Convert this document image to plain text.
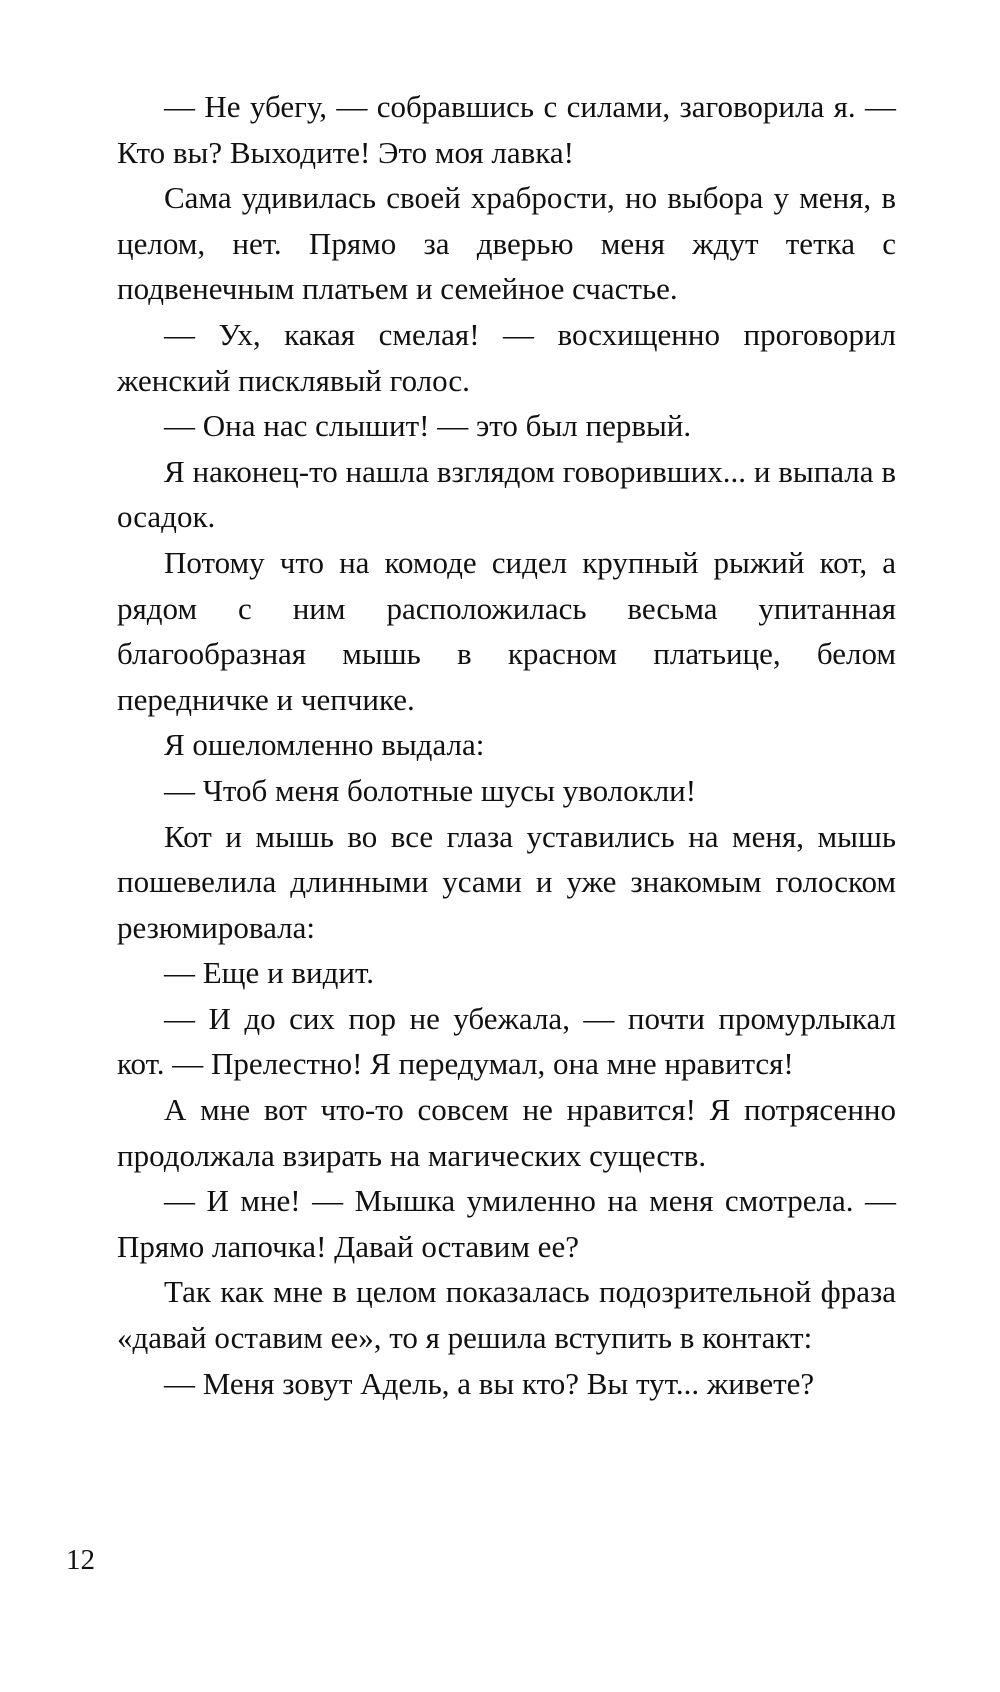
— Не убегу, — собравшись с силами, заговорила я. — Кто вы? Выходите! Это моя лавка!

Сама удивилась своей храбрости, но выбора у меня, в целом, нет. Прямо за дверью меня ждут тетка с подвенечным платьем и семейное счастье.

— Ух, какая смелая! — восхищенно проговорил женский писклявый голос.

— Она нас слышит! — это был первый.

Я наконец-то нашла взглядом говоривших... и выпала в осадок.

Потому что на комоде сидел крупный рыжий кот, а рядом с ним расположилась весьма упитанная благообразная мышь в красном платьице, белом передничке и чепчике.

Я ошеломленно выдала:

— Чтоб меня болотные шусы уволокли!

Кот и мышь во все глаза уставились на меня, мышь пошевелила длинными усами и уже знакомым голоском резюмировала:

— Еще и видит.

— И до сих пор не убежала, — почти промурлыкал кот. — Прелестно! Я передумал, она мне нравится!

А мне вот что-то совсем не нравится! Я потрясенно продолжала взирать на магических существ.

— И мне! — Мышка умиленно на меня смотрела. — Прямо лапочка! Давай оставим ее?

Так как мне в целом показалась подозрительной фраза «давай оставим ее», то я решила вступить в контакт:

— Меня зовут Адель, а вы кто? Вы тут... живете?

12
